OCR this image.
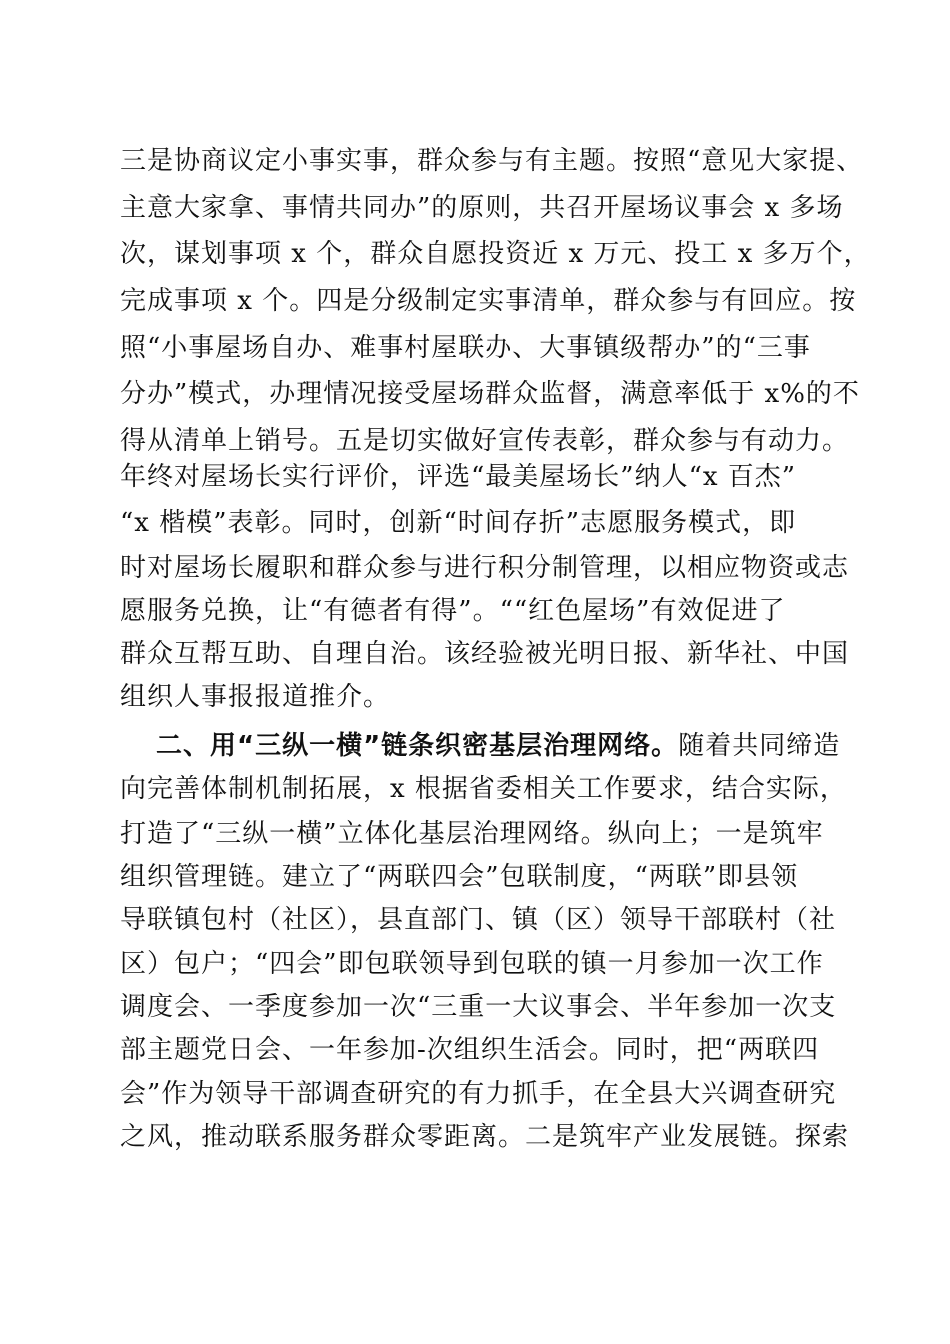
三是协商议定小事实事，群众参与有主题。按照“意见大家提、
主意大家拿、事情共同办”的原则，共召开屋场议事会 x 多场
次，谋划事项 x 个，群众自愿投资近 x 万元、投工 x 多万个，
完成事项 x 个。四是分级制定实事清单，群众参与有回应。按
照“小事屋场自办、难事村屋联办、大事镇级帮办”的“三事
分办”模式，办理情况接受屋场群众监督，满意率低于 x%的不
得从清单上销号。五是切实做好宣传表彰，群众参与有动力。
年终对屋场长实行评价，评选“最美屋场长”纳人“x 百杰”
“x 楷模”表彰。同时，创新“时间存折”志愿服务模式，即
时对屋场长履职和群众参与进行积分制管理，以相应物资或志
愿服务兑换，让“有德者有得”。““红色屋场”有效促进了
群众互帮互助、自理自治。该经验被光明日报、新华社、中国
组织人事报报道推介。
二、用“三纵一横”链条织密基层治理网络。随着共同缔造
向完善体制机制拓展，x 根据省委相关工作要求，结合实际，
打造了“三纵一横”立体化基层治理网络。纵向上；一是筑牢
组织管理链。建立了“两联四会”包联制度，“两联”即县领
导联镇包村（社区），县直部门、镇（区）领导干部联村（社
区）包户；“四会”即包联领导到包联的镇一月参加一次工作
调度会、一季度参加一次“三重一大议事会、半年参加一次支
部主题党日会、一年参加-次组织生活会。同时，把“两联四
会”作为领导干部调查研究的有力抓手，在全县大兴调查研究
之风，推动联系服务群众零距离。二是筑牢产业发展链。探索
